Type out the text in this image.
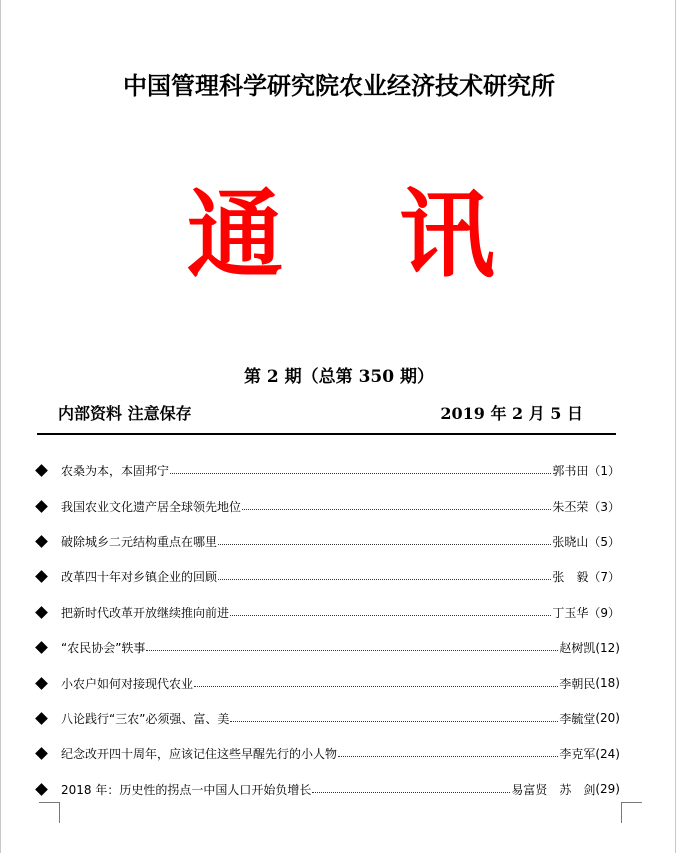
中国管理科学研究院农业经济技术研究所
通 讯
第 2 期（总第 350 期）
内部资料 注意保存	2019 年 2 月 5 日
农桑为本，本固邦宁	郭书田 （1）
我国农业文化遗产居全球领先地位	朱丕荣 （3）
破除城乡二元结构重点在哪里	张晓山 （5）
改革四十年对乡镇企业的回顾	张　毅 （7）
把新时代改革开放继续推向前进	丁玉华 （9）
“农民协会”轶事	赵树凯 (12)
小农户如何对接现代农业	李朝民 (18)
八论践行“三农”必须强、富、美	李毓堂 (20)
纪念改开四十周年，应该记住这些早醒先行的小人物	李克军 (24)
2018 年：历史性的拐点一中国人口开始负增长	易富贤　苏　剑 (29)
